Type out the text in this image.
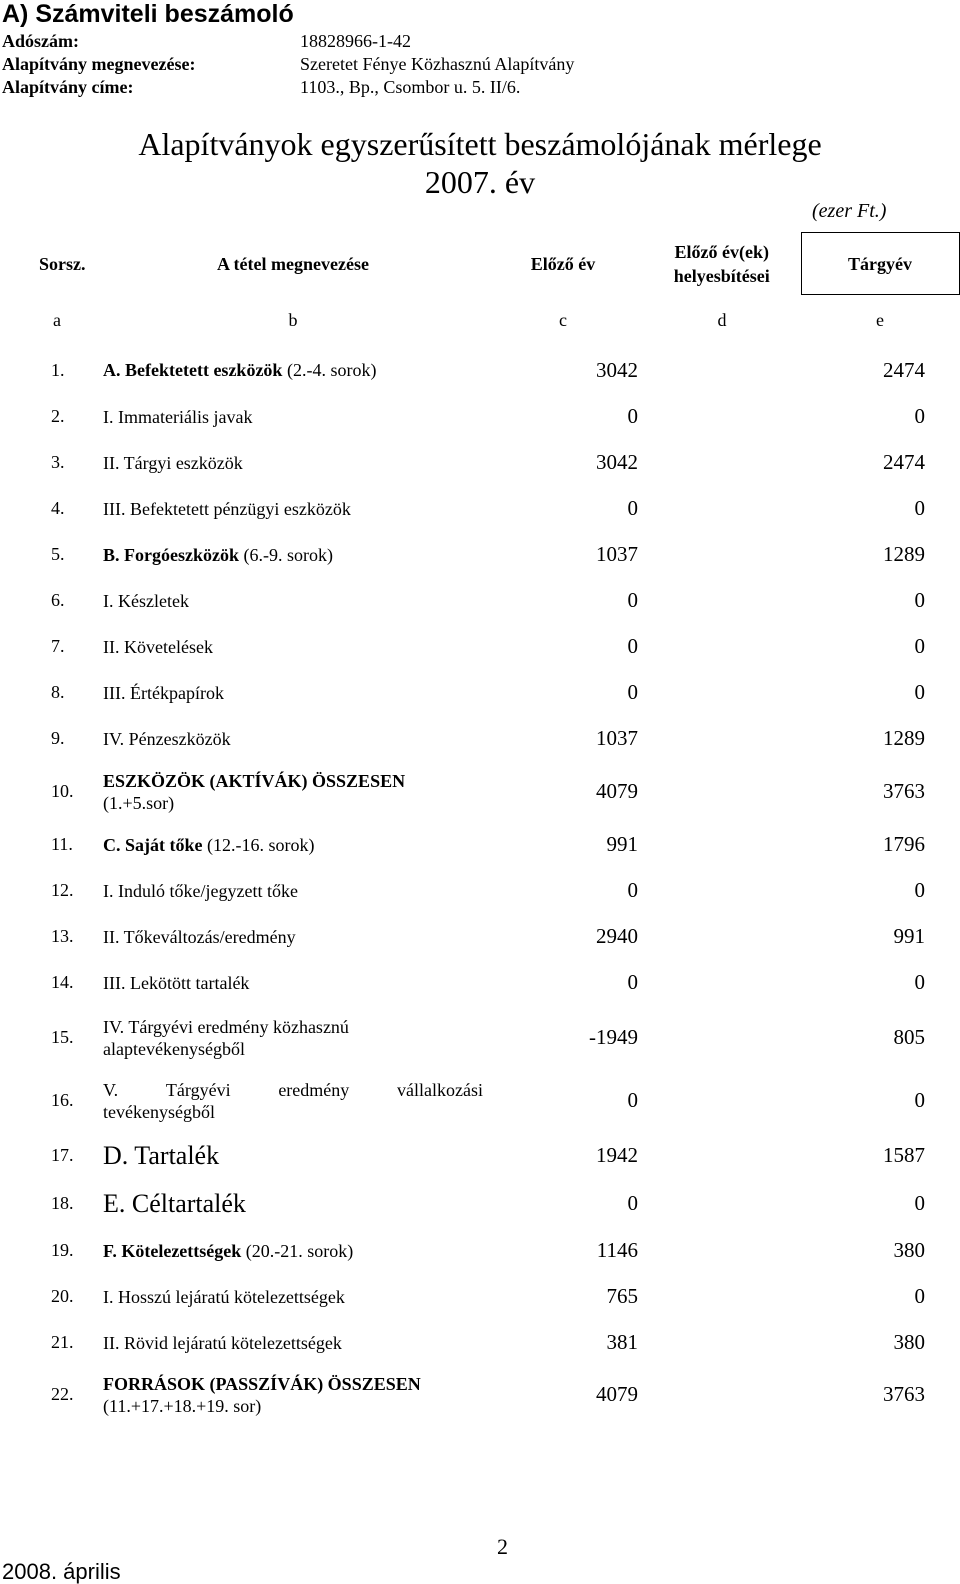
A) Számviteli beszámoló
Adószám:	18828966-1-42
Alapítvány megnevezése:	Szeretet Fénye Közhasznú Alapítvány
Alapítvány címe:	1103., Bp., Csombor u. 5. II/6.
Alapítványok egyszerűsített beszámolójának mérlege
2007. év
(ezer Ft.)
Sorsz.	A tétel megnevezése	Előző év	Előző év(ek)
helyesbítései	Tárgyév
a	b	c	d	e
1.	A. Befektetett eszközök (2.-4. sorok)	3042		2474
2.	I. Immateriális javak	0		0
3.	II. Tárgyi eszközök	3042		2474
4.	III. Befektetett pénzügyi eszközök	0		0
5.	B. Forgóeszközök (6.-9. sorok)	1037		1289
6.	I. Készletek	0		0
7.	II. Követelések	0		0
8.	III. Értékpapírok	0		0
9.	IV. Pénzeszközök	1037		1289
10.	ESZKÖZÖK (AKTÍVÁK) ÖSSZESEN
(1.+5.sor)	4079		3763
11.	C. Saját tőke (12.-16. sorok)	991		1796
12.	I. Induló tőke/jegyzett tőke	0		0
13.	II. Tőkeváltozás/eredmény	2940		991
14.	III. Lekötött tartalék	0		0
15.	IV. Tárgyévi eredmény közhasznú
alaptevékenységből	-1949		805
16.	V. Tárgyévi eredmény vállalkozási
tevékenységből	0		0
17.	D. Tartalék	1942		1587
18.	E. Céltartalék	0		0
19.	F. Kötelezettségek (20.-21. sorok)	1146		380
20.	I. Hosszú lejáratú kötelezettségek	765		0
21.	II. Rövid lejáratú kötelezettségek	381		380
22.	FORRÁSOK (PASSZÍVÁK) ÖSSZESEN
(11.+17.+18.+19. sor)	4079		3763
2
2008. április
